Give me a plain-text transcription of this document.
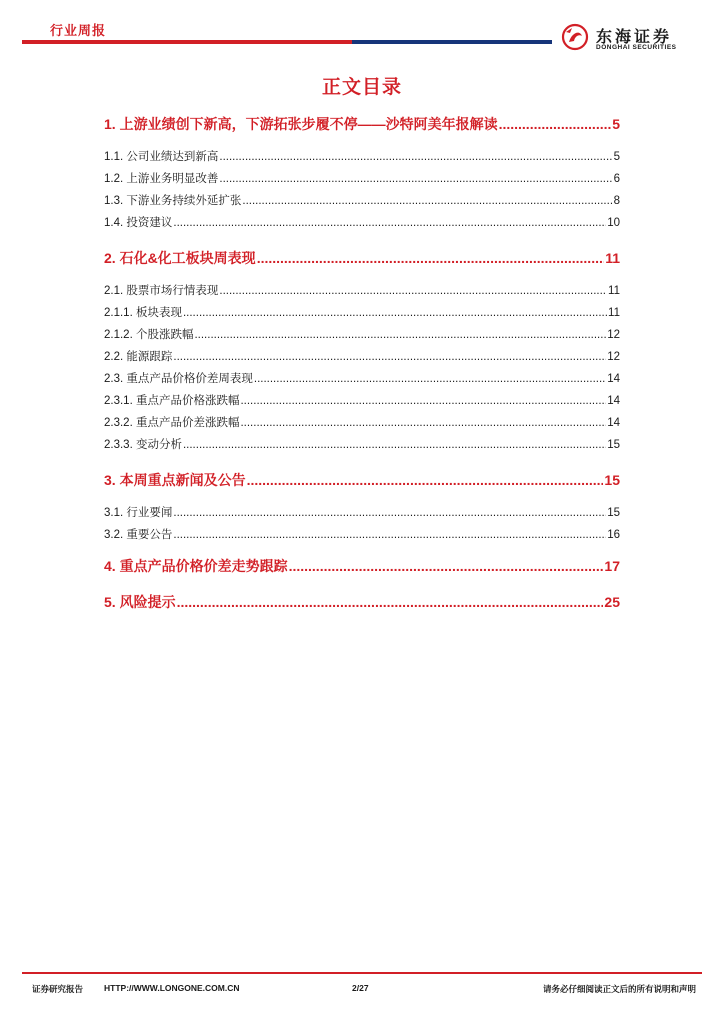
行业周报	东海证券
DONGHAI SECURITIES
正文目录
1. 上游业绩创下新高，下游拓张步履不停——沙特阿美年报解读 .....	5
1.1. 公司业绩达到新高 .....	5
1.2. 上游业务明显改善 .....	6
1.3. 下游业务持续外延扩张 .....	8
1.4. 投资建议 .....	10
2. 石化&化工板块周表现 .....	11
2.1. 股票市场行情表现 .....	11
2.1.1. 板块表现 .....	11
2.1.2. 个股涨跌幅 .....	12
2.2. 能源跟踪 .....	12
2.3. 重点产品价格价差周表现 .....	14
2.3.1. 重点产品价格涨跌幅 .....	14
2.3.2. 重点产品价差涨跌幅 .....	14
2.3.3. 变动分析 .....	15
3. 本周重点新闻及公告 .....	15
3.1. 行业要闻 .....	15
3.2. 重要公告 .....	16
4. 重点产品价格价差走势跟踪 .....	17
5. 风险提示 .....	25
证券研究报告 HTTP://WWW.LONGONE.COM.CN	2/27	请务必仔细阅读正文后的所有说明和声明
